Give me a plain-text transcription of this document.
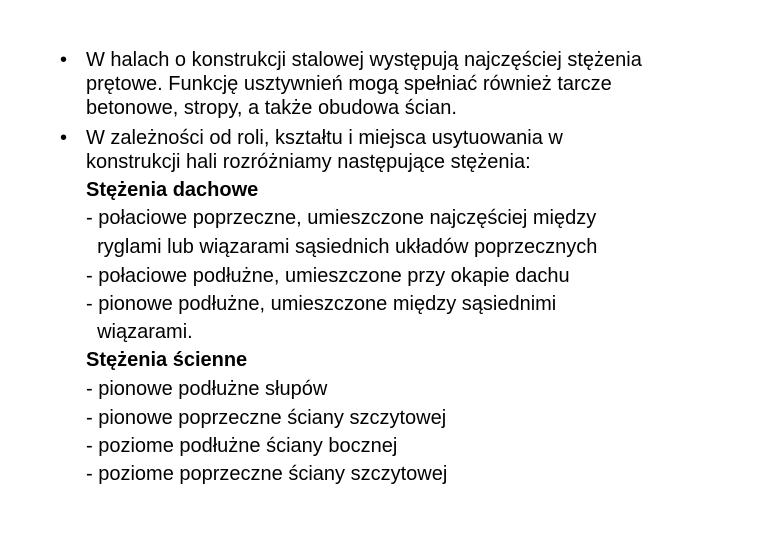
• W halach o konstrukcji stalowej występują najczęściej stężenia
prętowe. Funkcję usztywnień mogą spełniać również tarcze
betonowe, stropy, a także obudowa ścian.
• W zależności od roli, kształtu i miejsca usytuowania w
konstrukcji hali rozróżniamy następujące stężenia:
Stężenia dachowe
- połaciowe poprzeczne, umieszczone najczęściej między
ryglami lub wiązarami sąsiednich układów poprzecznych
- połaciowe podłużne, umieszczone przy okapie dachu
- pionowe podłużne, umieszczone między sąsiednimi
wiązarami.
Stężenia ścienne
- pionowe podłużne słupów
- pionowe poprzeczne ściany szczytowej
- poziome podłużne ściany bocznej
- poziome poprzeczne ściany szczytowej
